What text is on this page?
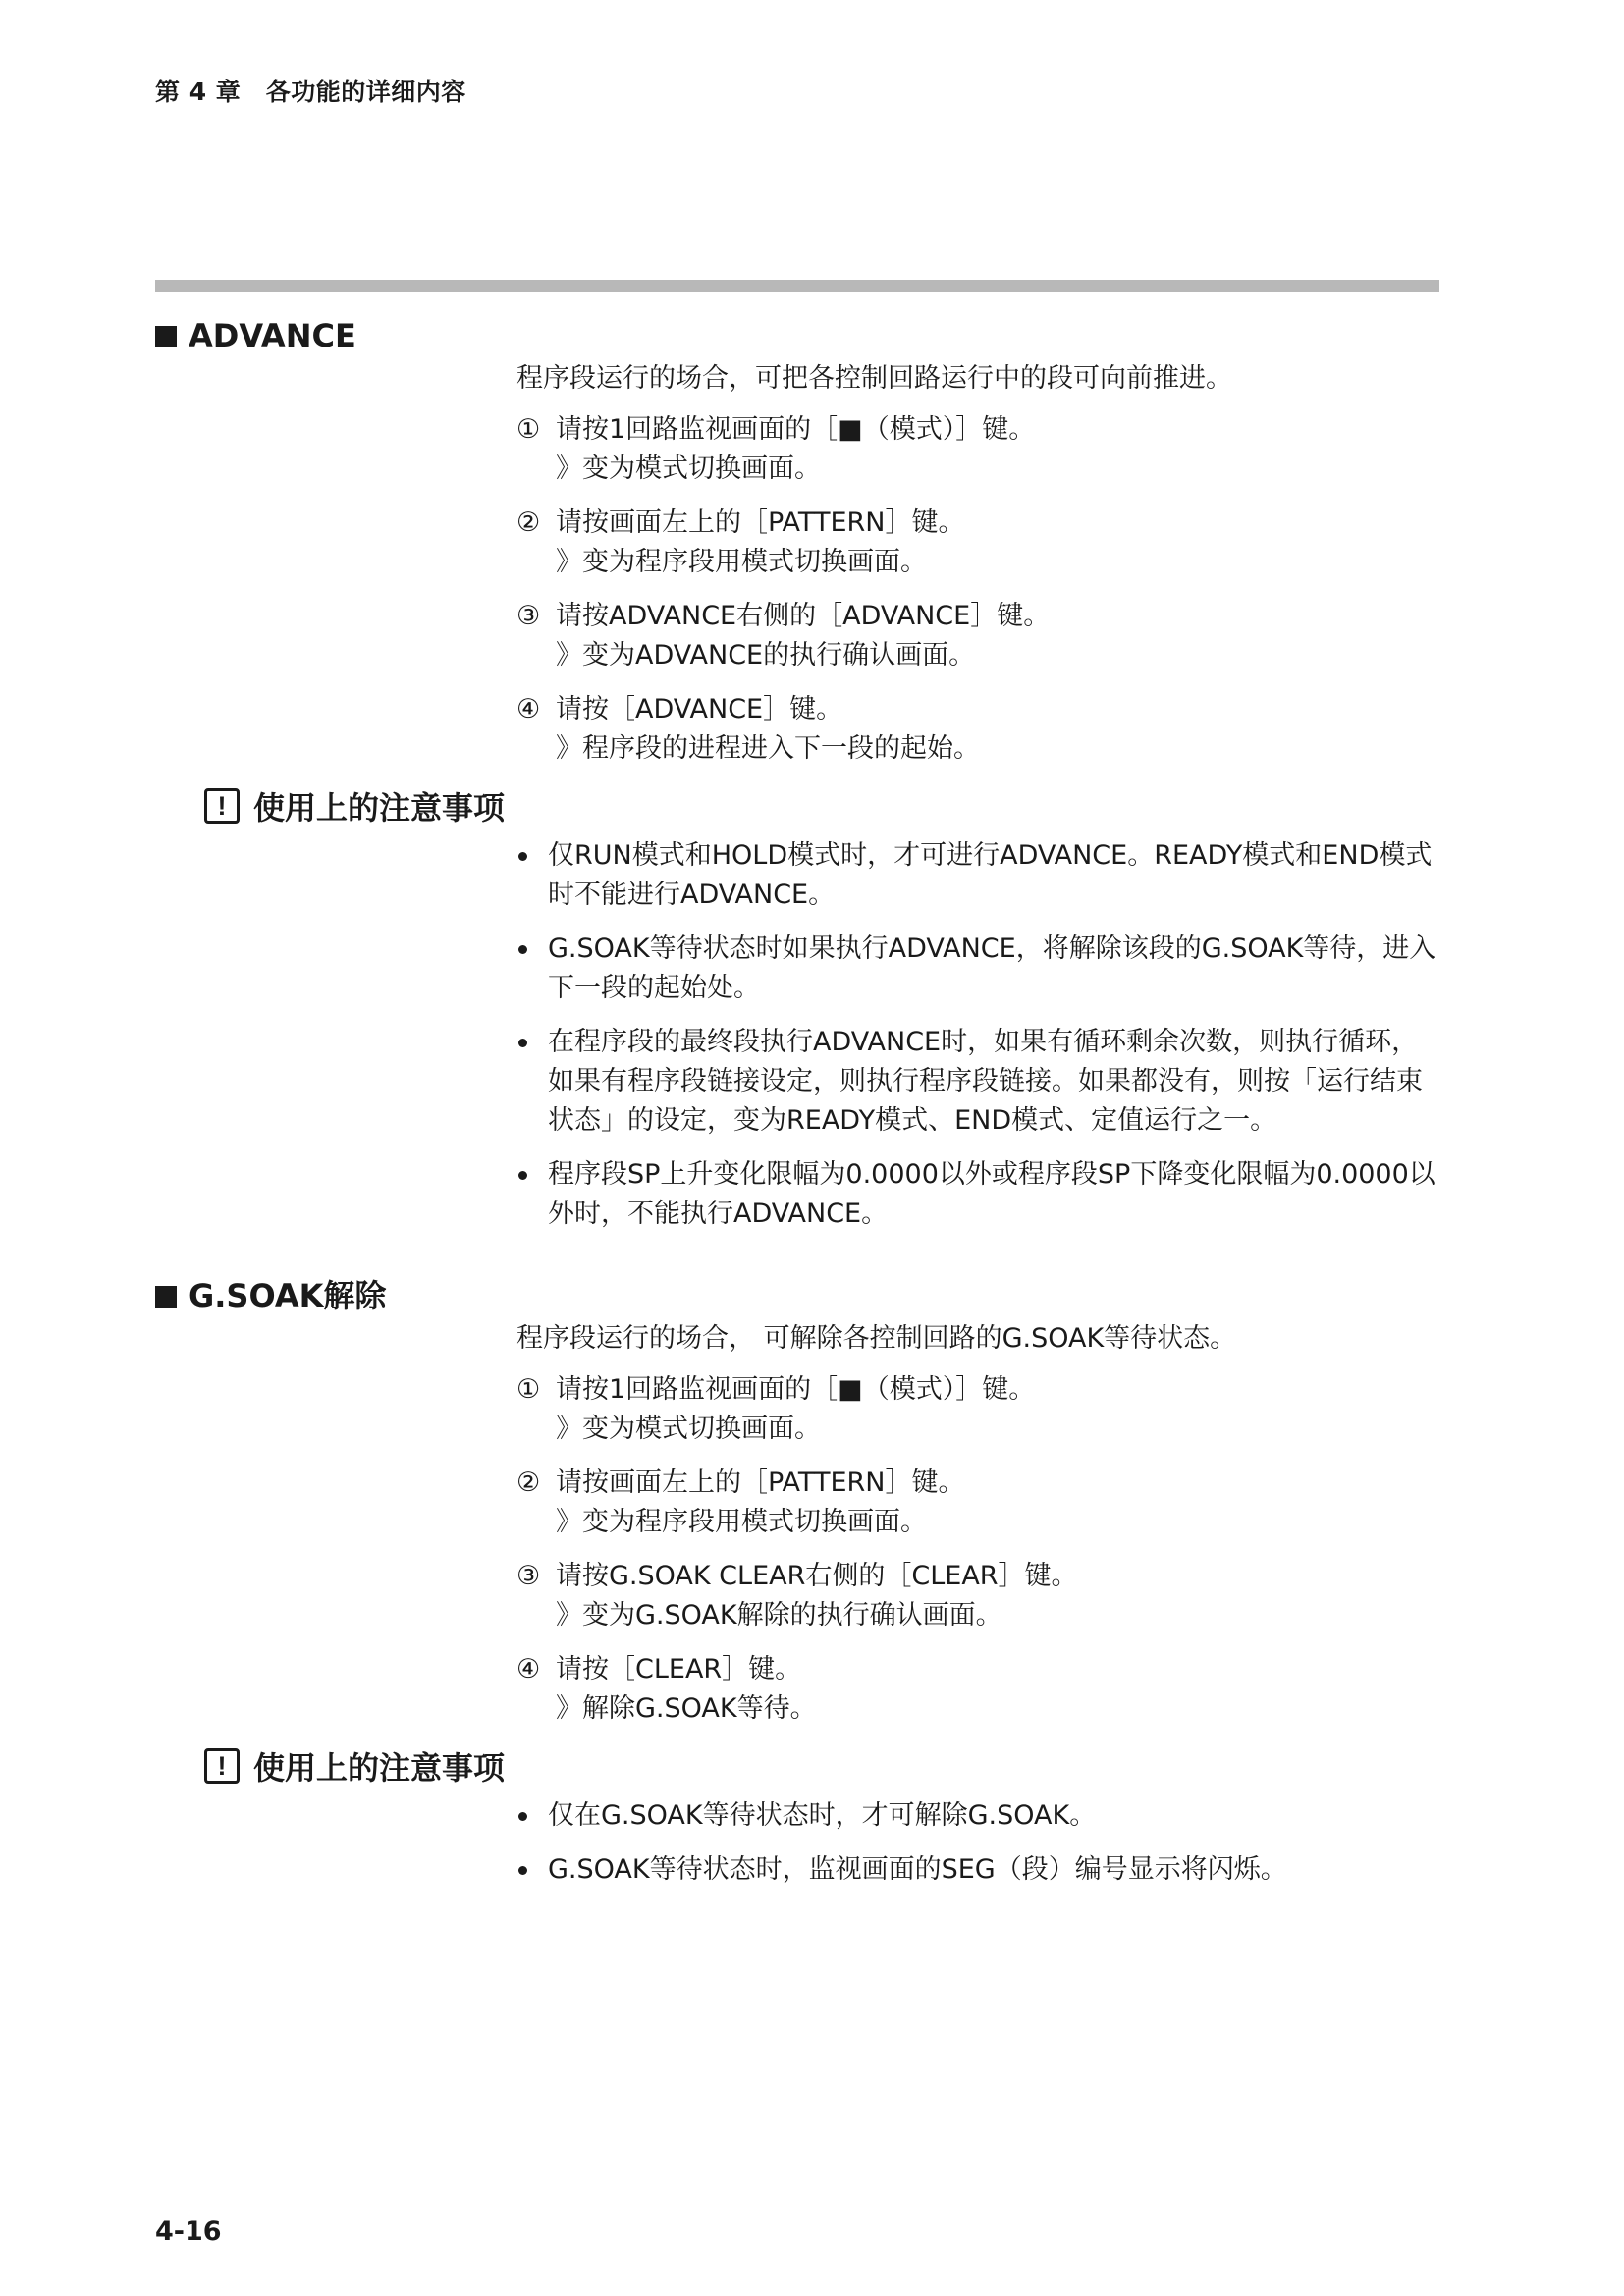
第 4 章　各功能的详细内容
ADVANCE
程序段运行的场合，可把各控制回路运行中的段可向前推进。
① 请按1回路监视画面的［■（模式）］键。
》变为模式切换画面。
② 请按画面左上的［PATTERN］键。
》变为程序段用模式切换画面。
③ 请按ADVANCE右侧的［ADVANCE］键。
》变为ADVANCE的执行确认画面。
④ 请按［ADVANCE］键。
》程序段的进程进入下一段的起始。
! 使用上的注意事项
仅RUN模式和HOLD模式时，才可进行ADVANCE。READY模式和END模式时不能进行ADVANCE。
G.SOAK等待状态时如果执行ADVANCE，将解除该段的G.SOAK等待，进入下一段的起始处。
在程序段的最终段执行ADVANCE时，如果有循环剩余次数，则执行循环，如果有程序段链接设定，则执行程序段链接。如果都没有，则按「运行结束状态」的设定，变为READY模式、END模式、定值运行之一。
程序段SP上升变化限幅为0.0000以外或程序段SP下降变化限幅为0.0000以外时，不能执行ADVANCE。
G.SOAK解除
程序段运行的场合， 可解除各控制回路的G.SOAK等待状态。
① 请按1回路监视画面的［■（模式）］键。
》变为模式切换画面。
② 请按画面左上的［PATTERN］键。
》变为程序段用模式切换画面。
③ 请按G.SOAK CLEAR右侧的［CLEAR］键。
》变为G.SOAK解除的执行确认画面。
④ 请按［CLEAR］键。
》解除G.SOAK等待。
! 使用上的注意事项
仅在G.SOAK等待状态时，才可解除G.SOAK。
G.SOAK等待状态时，监视画面的SEG（段）编号显示将闪烁。
4-16
